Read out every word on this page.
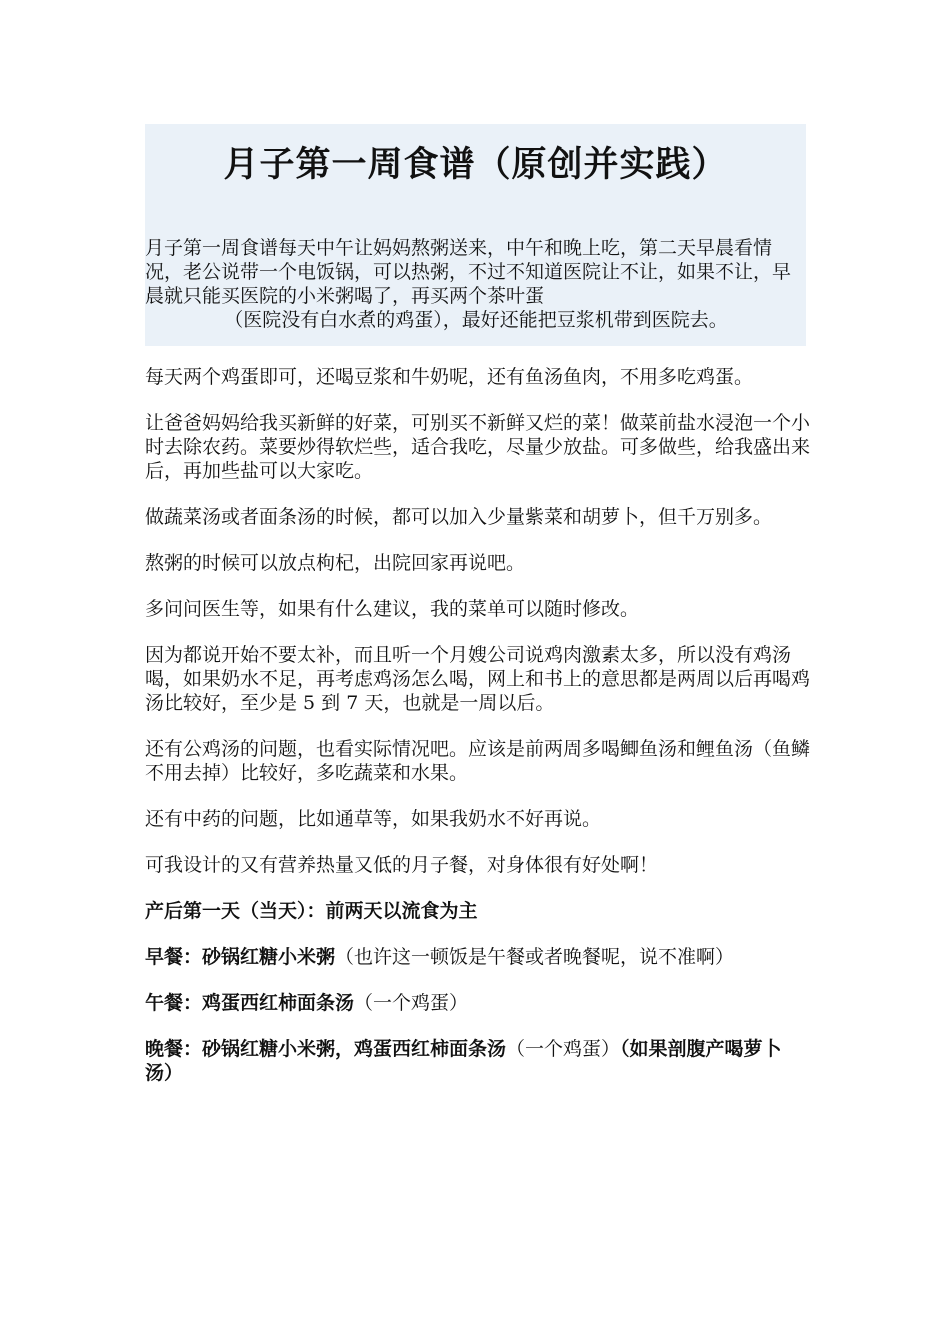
月子第一周食谱（原创并实践）

月子第一周食谱每天中午让妈妈熬粥送来，中午和晚上吃，第二天早晨看情况，老公说带一个电饭锅，可以热粥，不过不知道医院让不让，如果不让，早晨就只能买医院的小米粥喝了，再买两个茶叶蛋
（医院没有白水煮的鸡蛋），最好还能把豆浆机带到医院去。

每天两个鸡蛋即可，还喝豆浆和牛奶呢，还有鱼汤鱼肉，不用多吃鸡蛋。

让爸爸妈妈给我买新鲜的好菜，可别买不新鲜又烂的菜！做菜前盐水浸泡一个小时去除农药。菜要炒得软烂些，适合我吃，尽量少放盐。可多做些，给我盛出来后，再加些盐可以大家吃。

做蔬菜汤或者面条汤的时候，都可以加入少量紫菜和胡萝卜，但千万别多。

熬粥的时候可以放点枸杞，出院回家再说吧。

多问问医生等，如果有什么建议，我的菜单可以随时修改。

因为都说开始不要太补，而且听一个月嫂公司说鸡肉激素太多，所以没有鸡汤喝，如果奶水不足，再考虑鸡汤怎么喝，网上和书上的意思都是两周以后再喝鸡汤比较好，至少是 5 到 7 天，也就是一周以后。

还有公鸡汤的问题，也看实际情况吧。应该是前两周多喝鲫鱼汤和鲤鱼汤（鱼鳞不用去掉）比较好，多吃蔬菜和水果。

还有中药的问题，比如通草等，如果我奶水不好再说。

可我设计的又有营养热量又低的月子餐，对身体很有好处啊！

产后第一天（当天）：前两天以流食为主

早餐：砂锅红糖小米粥（也许这一顿饭是午餐或者晚餐呢，说不准啊）

午餐：鸡蛋西红柿面条汤（一个鸡蛋）

晚餐：砂锅红糖小米粥，鸡蛋西红柿面条汤（一个鸡蛋）（如果剖腹产喝萝卜汤）
